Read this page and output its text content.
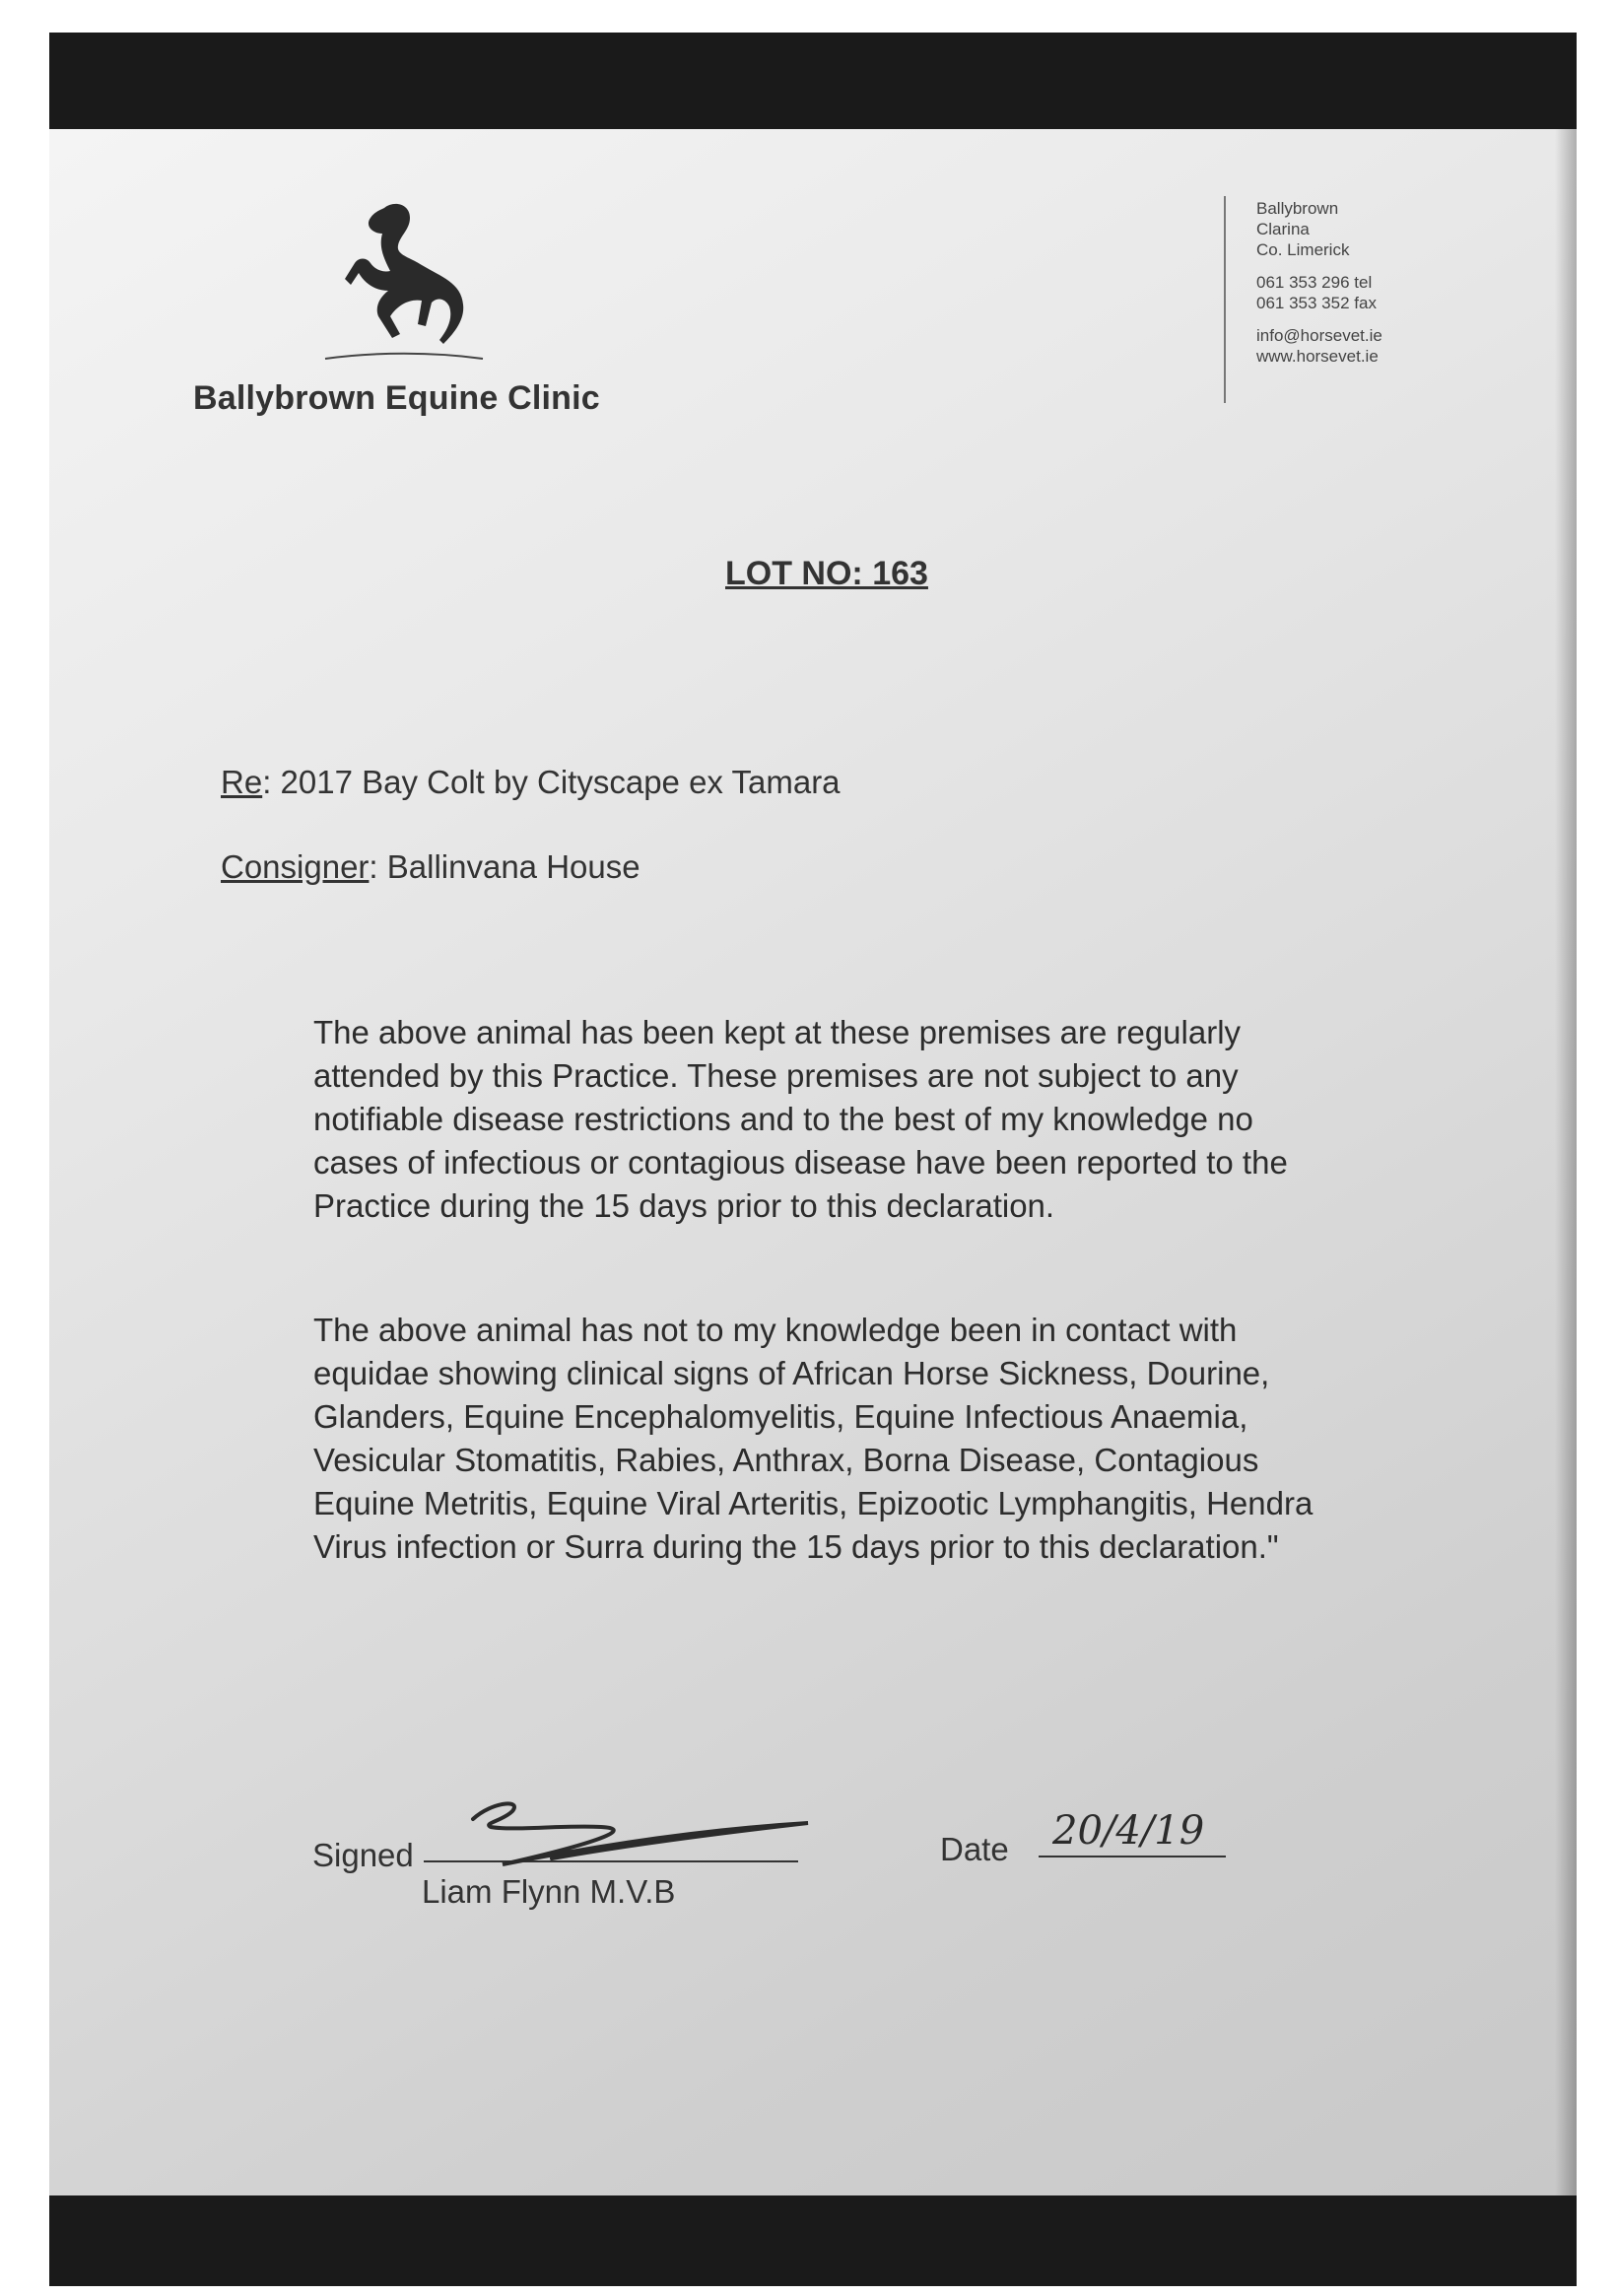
Ballybrown Equine Clinic
Ballybrown
Clarina
Co. Limerick
061 353 296 tel
061 353 352 fax
info@horsevet.ie
www.horsevet.ie
LOT NO: 163
Re: 2017 Bay Colt by Cityscape ex Tamara
Consigner: Ballinvana House
The above animal has been kept at these premises are regularly attended by this Practice. These premises are not subject to any notifiable disease restrictions and to the best of my knowledge no cases of infectious or contagious disease have been reported to the Practice during the 15 days prior to this declaration.
The above animal has not to my knowledge been in contact with equidae showing clinical signs of African Horse Sickness, Dourine, Glanders, Equine Encephalomyelitis, Equine Infectious Anaemia, Vesicular Stomatitis, Rabies, Anthrax, Borna Disease, Contagious Equine Metritis, Equine Viral Arteritis, Epizootic Lymphangitis, Hendra Virus infection or Surra during the 15 days prior to this declaration."
Signed
Liam Flynn M.V.B
Date 20/4/19
